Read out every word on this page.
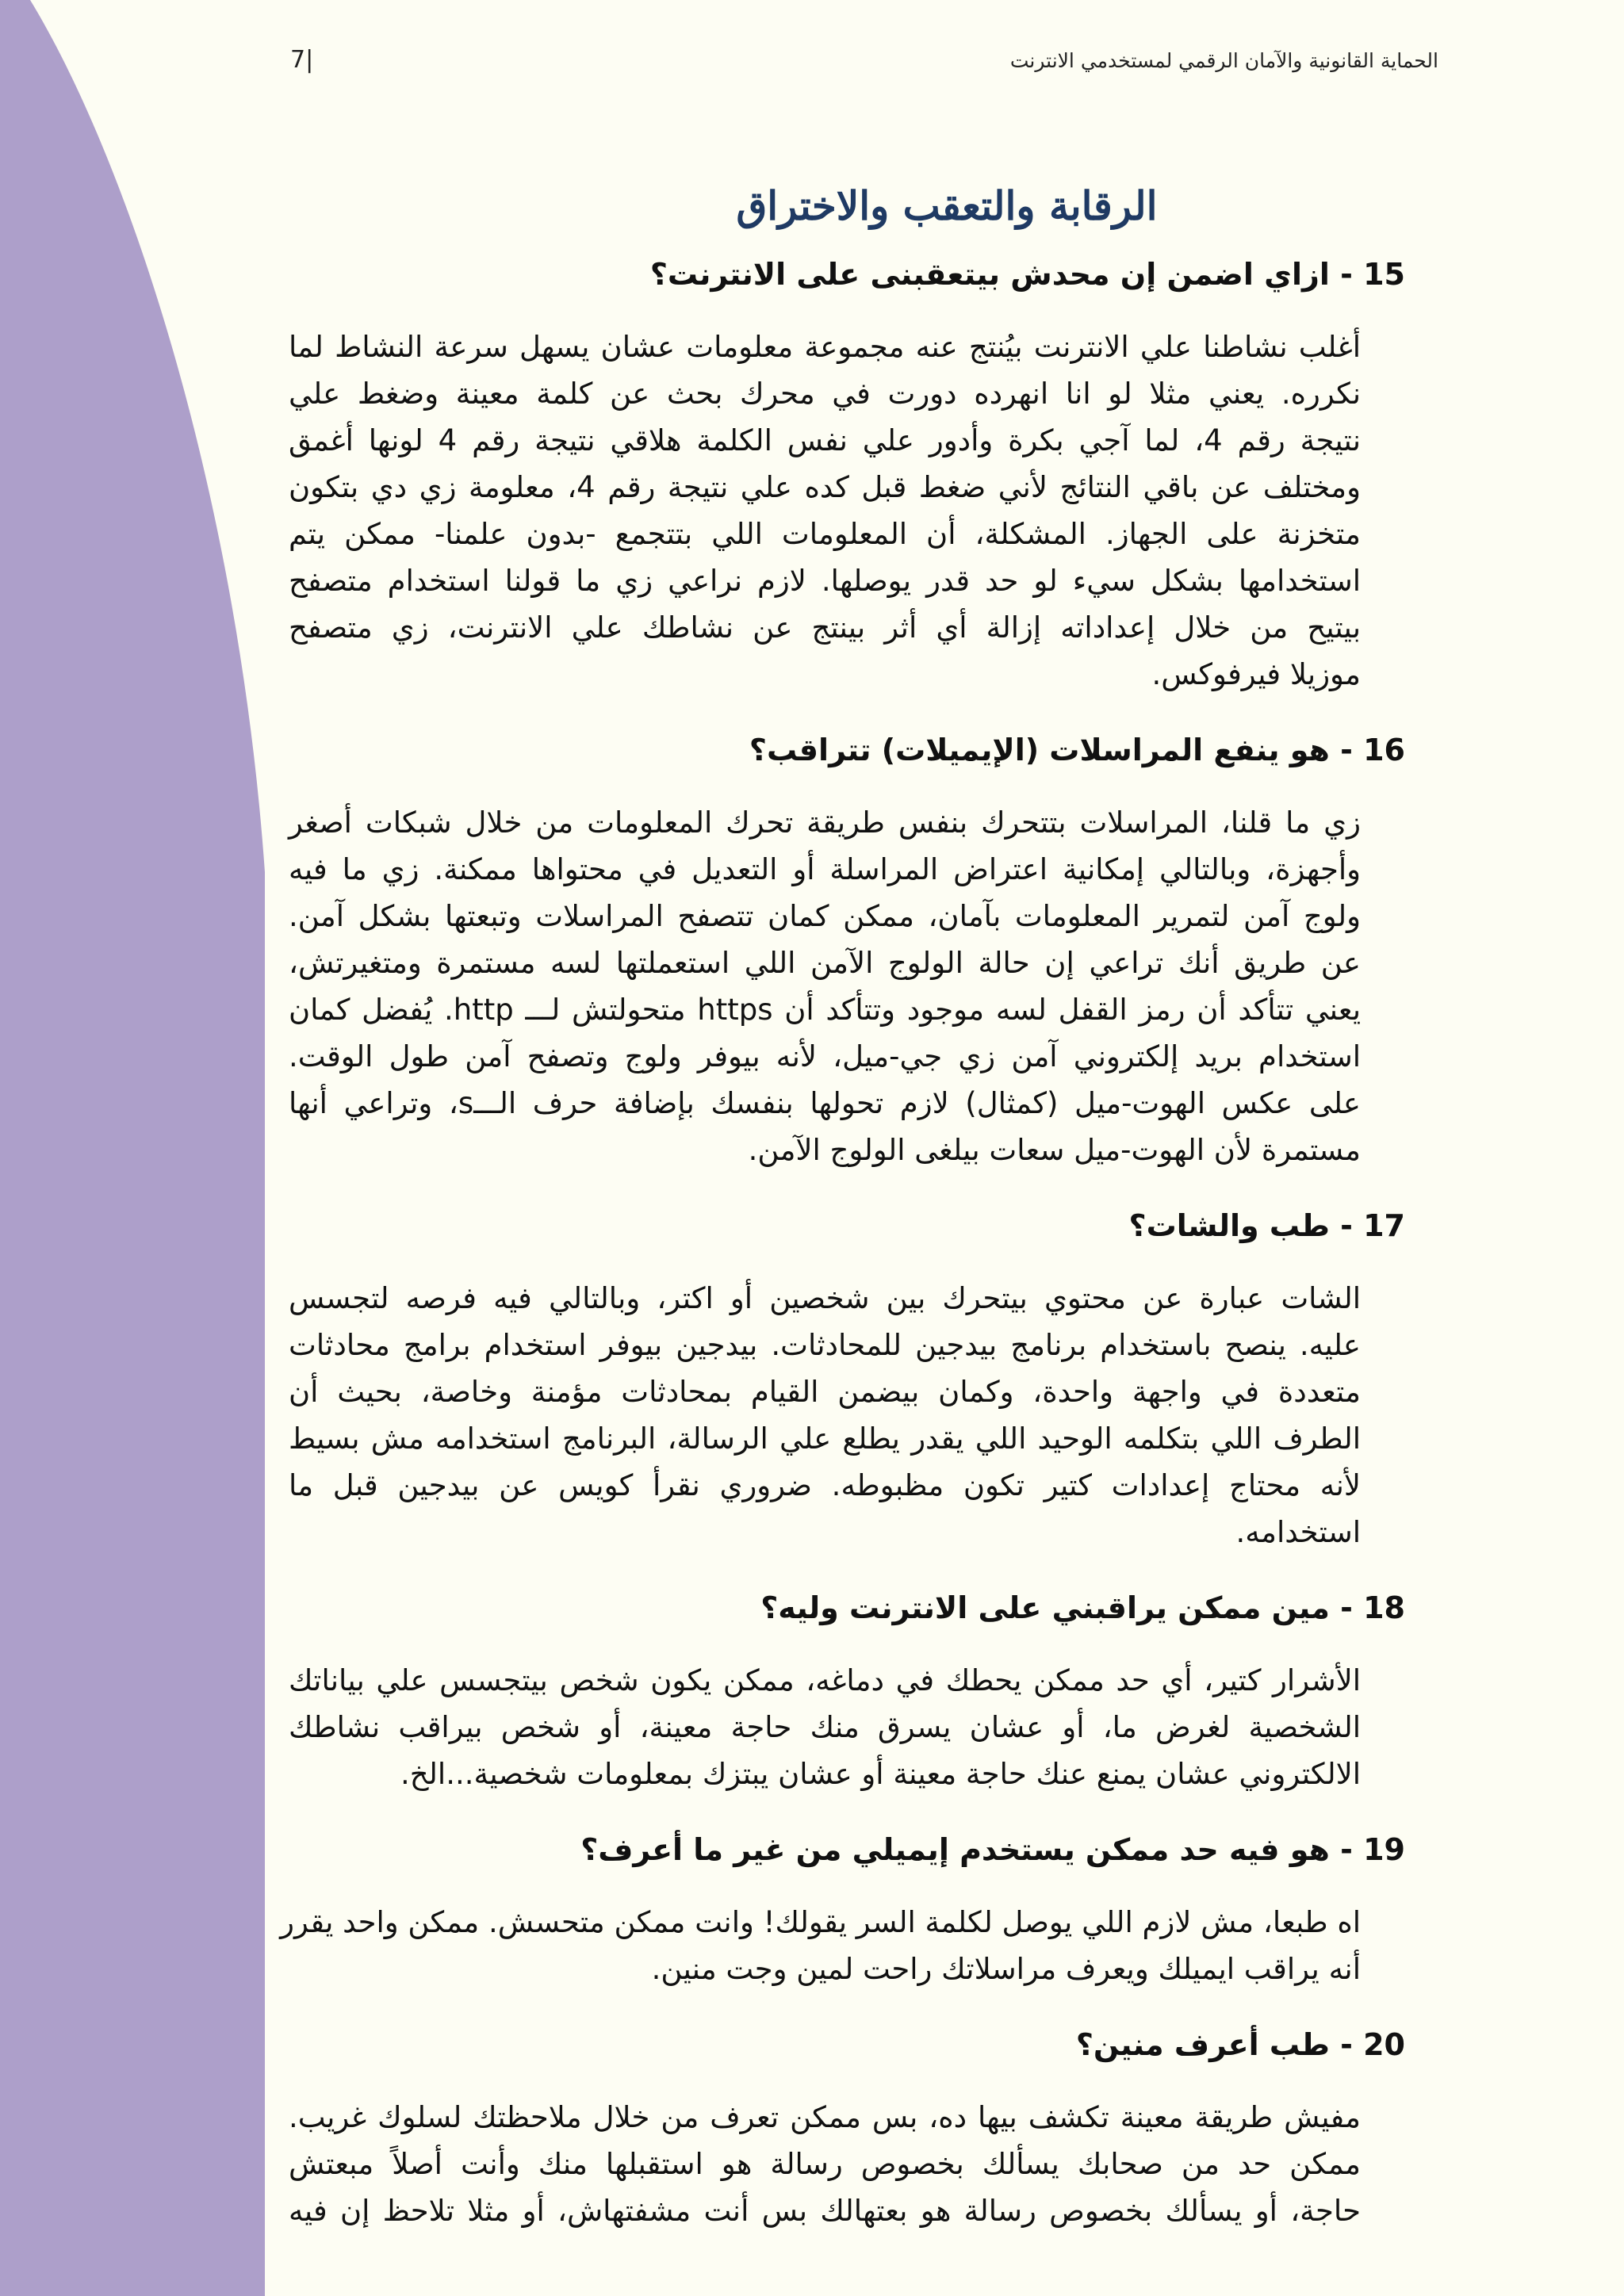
الحماية القانونية والآمان الرقمي لمستخدمي الانترنت
7|
الرقابة والتعقب والاختراق
15 - ازاي اضمن إن محدش بيتعقبنى على الانترنت؟
أغلب نشاطنا علي الانترنت بيُنتج عنه مجموعة معلومات عشان يسهل سرعة النشاط لما
نكرره. يعني مثلا لو انا انهرده دورت في محرك بحث عن كلمة معينة وضغط علي
نتيجة رقم 4، لما آجي بكرة وأدور علي نفس الكلمة هلاقي نتيجة رقم 4 لونها أغمق
ومختلف عن باقي النتائج لأني ضغط قبل كده علي نتيجة رقم 4، معلومة زي دي بتكون
متخزنة على الجهاز. المشكلة، أن المعلومات اللي بتتجمع -بدون علمنا- ممكن يتم
استخدامها بشكل سيء لو حد قدر يوصلها. لازم نراعي زي ما قولنا استخدام متصفح
بيتيح من خلال إعداداته إزالة أي أثر بينتج عن نشاطك علي الانترنت، زي متصفح
موزيلا فيرفوكس.
16 - هو ينفع المراسلات (الإيميلات) تتراقب؟
زي ما قلنا، المراسلات بتتحرك بنفس طريقة تحرك المعلومات من خلال شبكات أصغر
وأجهزة، وبالتالي إمكانية اعتراض المراسلة أو التعديل في محتواها ممكنة. زي ما فيه
ولوج آمن لتمرير المعلومات بآمان، ممكن كمان تتصفح المراسلات وتبعتها بشكل آمن.
عن طريق أنك تراعي إن حالة الولوج الآمن اللي استعملتها لسه مستمرة ومتغيرتش،
يعني تتأكد أن رمز القفل لسه موجود وتتأكد أن https متحولتش لـــ http. يُفضل كمان
استخدام بريد إلكتروني آمن زي جي-ميل، لأنه بيوفر ولوج وتصفح آمن طول الوقت.
على عكس الهوت-ميل (كمثال) لازم تحولها بنفسك بإضافة حرف الـــs، وتراعي أنها
مستمرة لأن الهوت-ميل سعات بيلغى الولوج الآمن.
17 - طب والشات؟
الشات عبارة عن محتوي بيتحرك بين شخصين أو اكتر، وبالتالي فيه فرصه لتجسس
عليه. ينصح باستخدام برنامج بيدجين للمحادثات. بيدجين بيوفر استخدام برامج محادثات
متعددة في واجهة واحدة، وكمان بيضمن القيام بمحادثات مؤمنة وخاصة، بحيث أن
الطرف اللي بتكلمه الوحيد اللي يقدر يطلع علي الرسالة، البرنامج استخدامه مش بسيط
لأنه محتاج إعدادات كتير تكون مظبوطه. ضروري نقرأ كويس عن بيدجين قبل ما
استخدامه.
18 - مين ممكن يراقبني على الانترنت وليه؟
الأشرار كتير، أي حد ممكن يحطك في دماغه، ممكن يكون شخص بيتجسس علي بياناتك
الشخصية لغرض ما، أو عشان يسرق منك حاجة معينة، أو شخص بيراقب نشاطك
الالكتروني عشان يمنع عنك حاجة معينة أو عشان يبتزك بمعلومات شخصية...الخ.
19 - هو فيه حد ممكن يستخدم إيميلي من غير ما أعرف؟
اه طبعا، مش لازم اللي يوصل لكلمة السر يقولك! وانت ممكن متحسش. ممكن واحد يقرر
أنه يراقب ايميلك ويعرف مراسلاتك راحت لمين وجت منين.
20 - طب أعرف منين؟
مفيش طريقة معينة تكشف بيها ده، بس ممكن تعرف من خلال ملاحظتك لسلوك غريب.
ممكن حد من صحابك يسألك بخصوص رسالة هو استقبلها منك وأنت أصلاً مبعتش
حاجة، أو يسألك بخصوص رسالة هو بعتهالك بس أنت مشفتهاش، أو مثلا تلاحظ إن فيه
